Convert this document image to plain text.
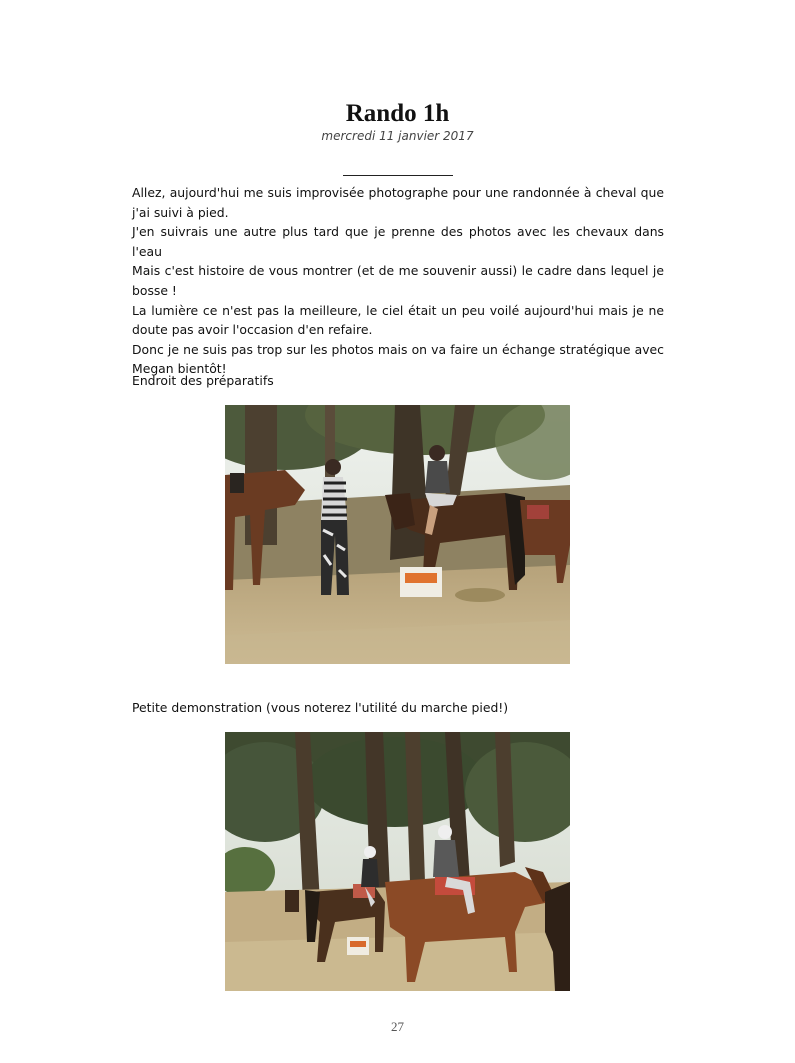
Rando 1h
mercredi 11 janvier 2017

Allez, aujourd'hui me suis improvisée photographe pour une randonnée à cheval que j'ai suivi à pied.

J'en suivrais une autre plus tard que je prenne des photos avec les chevaux dans l'eau

Mais c'est histoire de vous montrer (et de me souvenir aussi) le cadre dans lequel je bosse !

La lumière ce n'est pas la meilleure, le ciel était un peu voilé aujourd'hui mais je ne doute pas avoir l'occasion d'en refaire.

Donc je ne suis pas trop sur les photos mais on va faire un échange stratégique avec Megan bientôt!

Endroit des préparatifs
Petite demonstration (vous noterez l'utilité du marche pied!)
27
